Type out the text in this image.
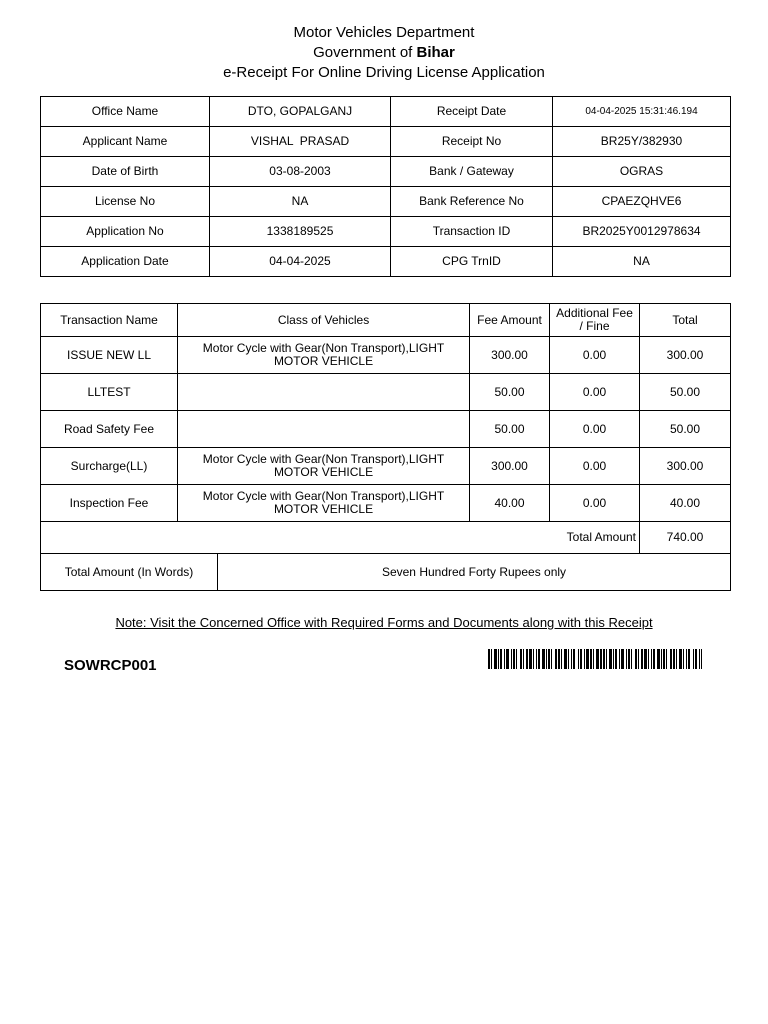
Motor Vehicles Department
Government of Bihar
e-Receipt For Online Driving License Application
Office Name	DTO, GOPALGANJ	Receipt Date	04-04-2025 15:31:46.194
Applicant Name	VISHAL  PRASAD	Receipt No	BR25Y/382930
Date of Birth	03-08-2003	Bank / Gateway	OGRAS
License No	NA	Bank Reference No	CPAEZQHVE6
Application No	1338189525	Transaction ID	BR2025Y0012978634
Application Date	04-04-2025	CPG TrnID	NA
Transaction Name	Class of Vehicles		Fee Amount	Additional Fee / Fine	Total
ISSUE NEW LL	Motor Cycle with Gear(Non Transport),LIGHT MOTOR VEHICLE		300.00	0.00	300.00
LLTEST			50.00	0.00	50.00
Road Safety Fee			50.00	0.00	50.00
Surcharge(LL)	Motor Cycle with Gear(Non Transport),LIGHT MOTOR VEHICLE		300.00	0.00	300.00
Inspection Fee	Motor Cycle with Gear(Non Transport),LIGHT MOTOR VEHICLE		40.00	0.00	40.00
Total Amount					740.00
Total Amount (In Words)		Seven Hundred Forty Rupees only			
Note: Visit the Concerned Office with Required Forms and Documents along with this Receipt
SOWRCP001
